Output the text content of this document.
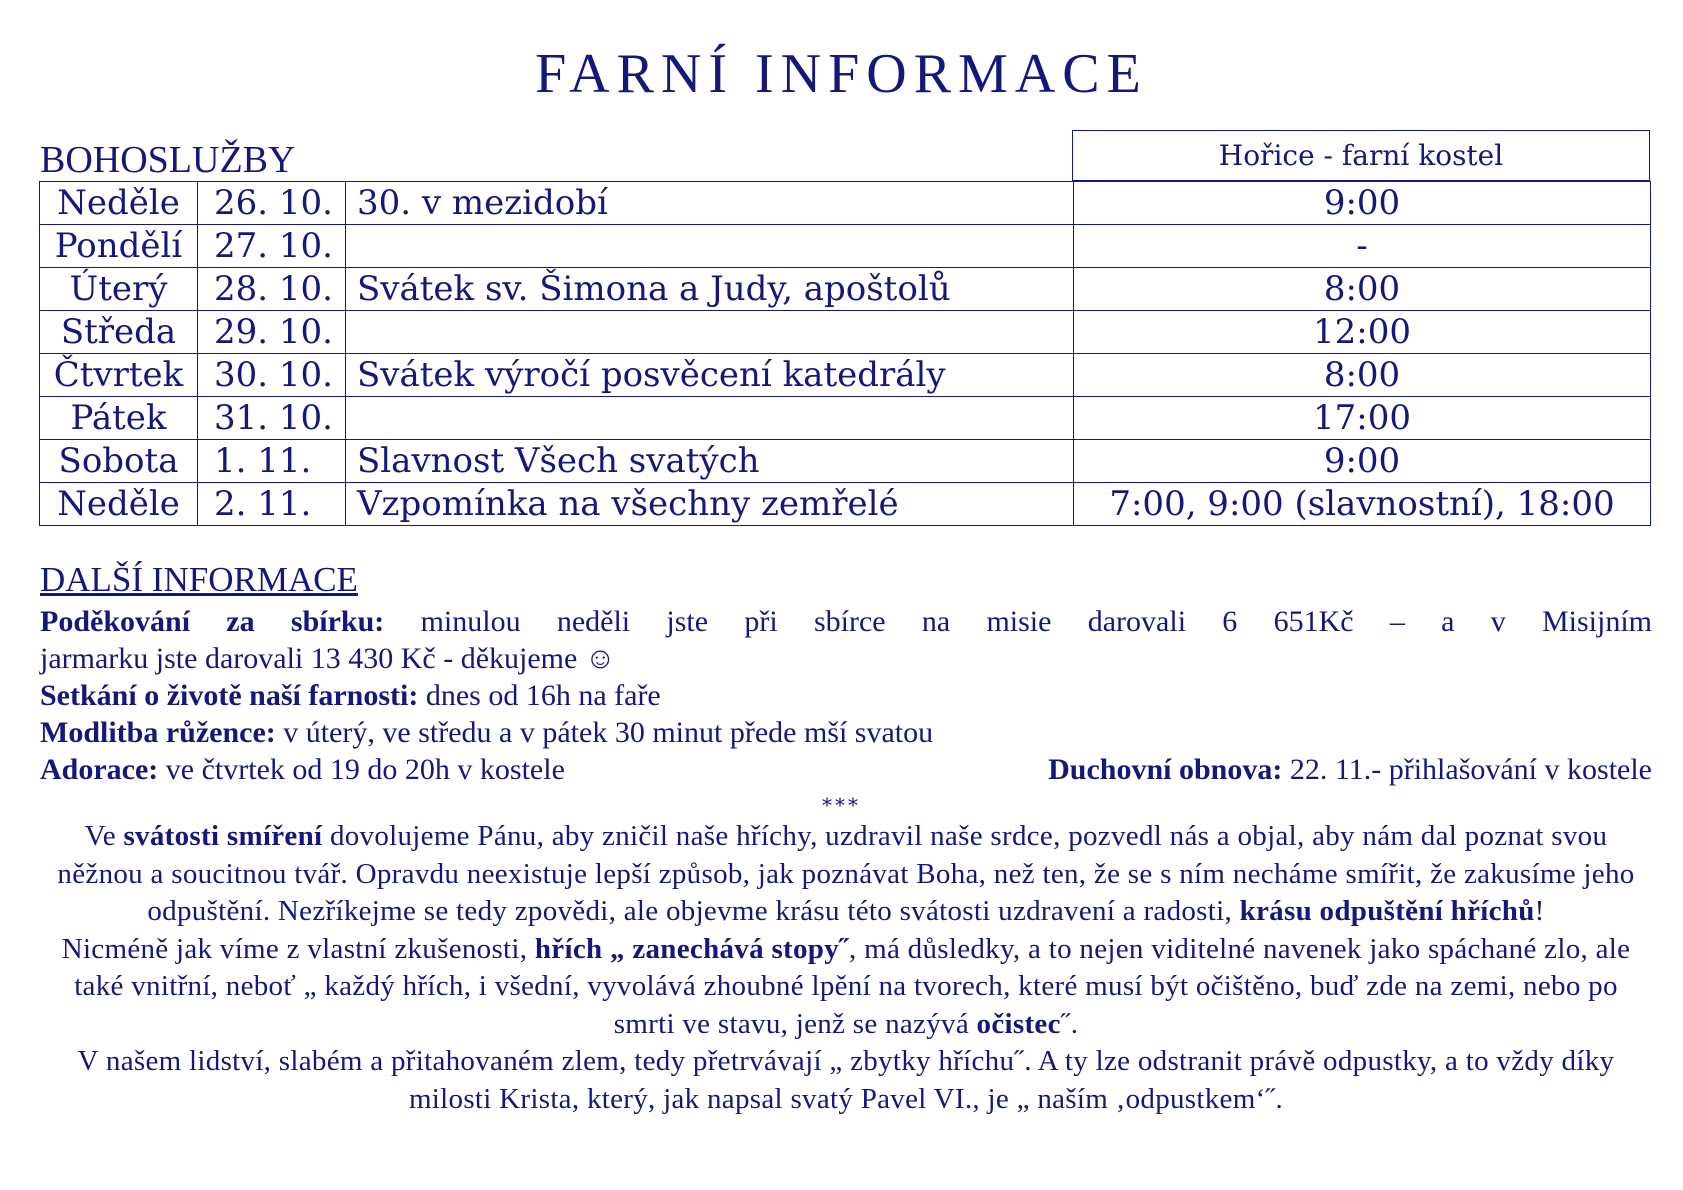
FARNÍ INFORMACE
BOHOSLUŽBY	Hořice - farní kostel
Neděle	26. 10.	30. v mezidobí	9:00
Pondělí	27. 10.		-
Úterý	28. 10.	Svátek sv. Šimona a Judy, apoštolů	8:00
Středa	29. 10.		12:00
Čtvrtek	30. 10.	Svátek výročí posvěcení katedrály	8:00
Pátek	31. 10.		17:00
Sobota	1. 11.	Slavnost Všech svatých	9:00
Neděle	2. 11.	Vzpomínka na všechny zemřelé	7:00, 9:00 (slavnostní), 18:00
DALŠÍ INFORMACE
Poděkování za sbírku: minulou neděli jste při sbírce na misie darovali 6 651Kč – a v Misijním
jarmarku jste darovali 13 430 Kč - děkujeme ☺
Setkání o životě naší farnosti: dnes od 16h na faře
Modlitba růžence: v úterý, ve středu a v pátek 30 minut přede mší svatou
Adorace: ve čtvrtek od 19 do 20h v kostele	Duchovní obnova: 22. 11.- přihlašování v kostele
***

Ve svátosti smíření dovolujeme Pánu, aby zničil naše hříchy, uzdravil naše srdce, pozvedl nás a objal, aby nám dal poznat svou něžnou a soucitnou tvář. Opravdu neexistuje lepší způsob, jak poznávat Boha, než ten, že se s ním necháme smířit, že zakusíme jeho odpuštění. Nezříkejme se tedy zpovědi, ale objevme krásu této svátosti uzdravení a radosti, krásu odpuštění hříchů!

Nicméně jak víme z vlastní zkušenosti, hřích „ zanechává stopy˝, má důsledky, a to nejen viditelné navenek jako spáchané zlo, ale také vnitřní, neboť „ každý hřích, i všední, vyvolává zhoubné lpění na tvorech, které musí být očištěno, buď zde na zemi, nebo po smrti ve stavu, jenž se nazývá očistec˝.

V našem lidství, slabém a přitahovaném zlem, tedy přetrvávají „ zbytky hříchu˝. A ty lze odstranit právě odpustky, a to vždy díky milosti Krista, který, jak napsal svatý Pavel VI., je „ naším ‚odpustkem‘˝.
